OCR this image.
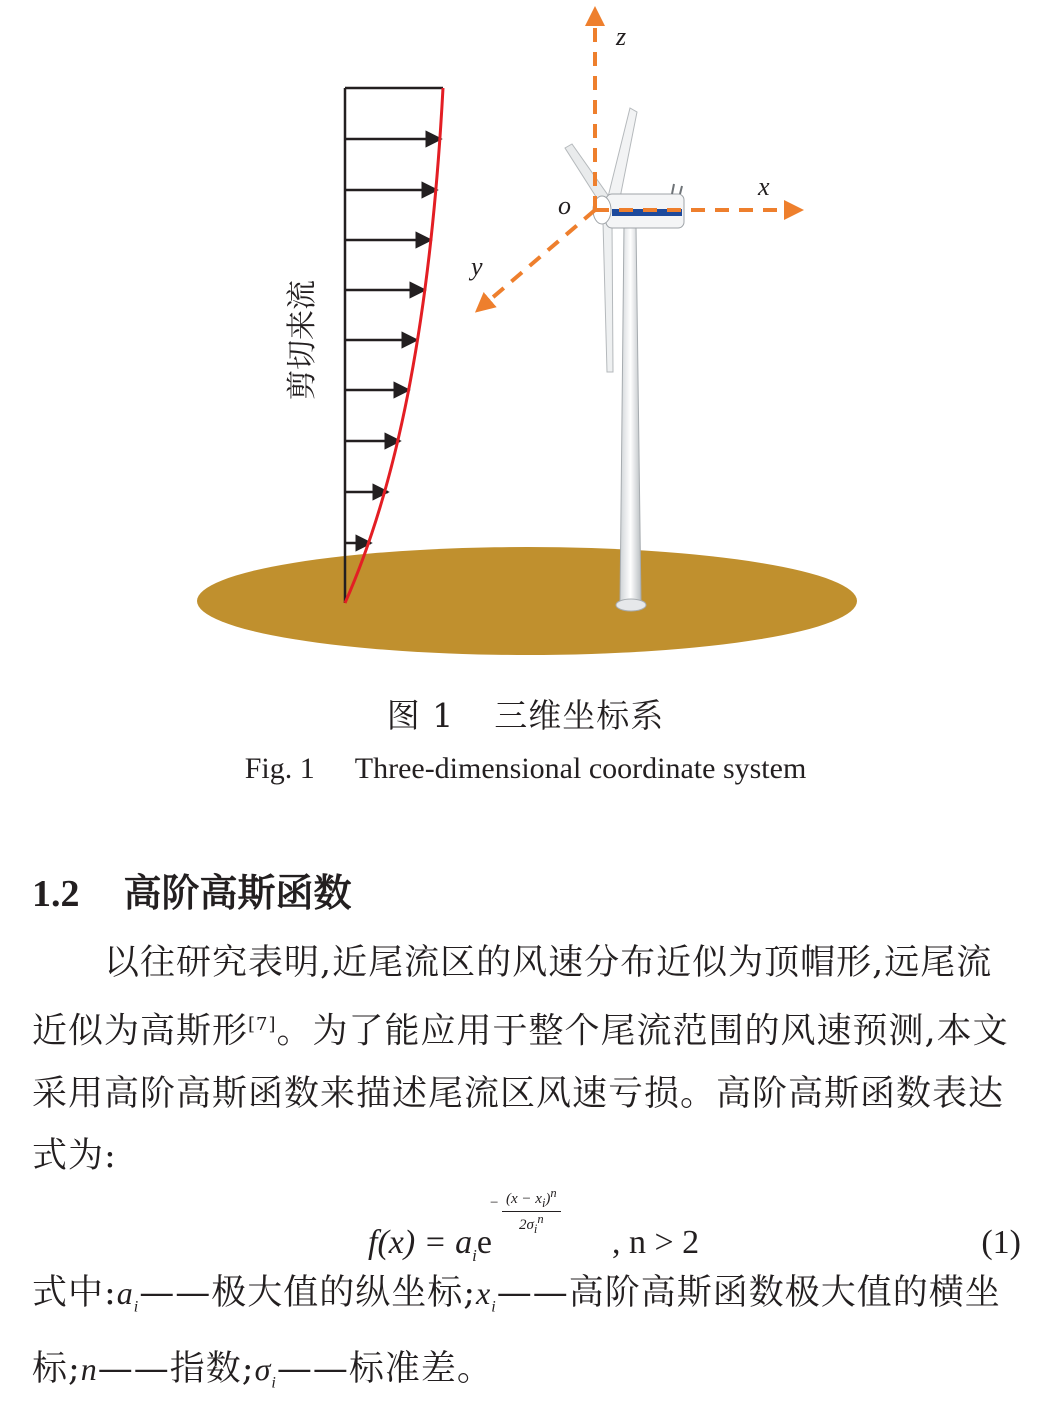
剪切来流
z
x
y
o
图 1 三维坐标系
Fig. 1 Three-dimensional coordinate system
1.2 高阶高斯函数
以往研究表明,近尾流区的风速分布近似为顶帽形,远尾流近似为高斯形[7]。为了能应用于整个尾流范围的风速预测,本文采用高阶高斯函数来描述尾流区风速亏损。高阶高斯函数表达式为:
$f(x) = a_ie$
− $(x - x_i)^n$
$2\sigma_i^n$
, n > 2	(1)
式中$:a_i——$极大值的纵坐标$;x_i——$高阶高斯函数极大值的横坐标;n——指数$;\sigma_i——$标准差。
